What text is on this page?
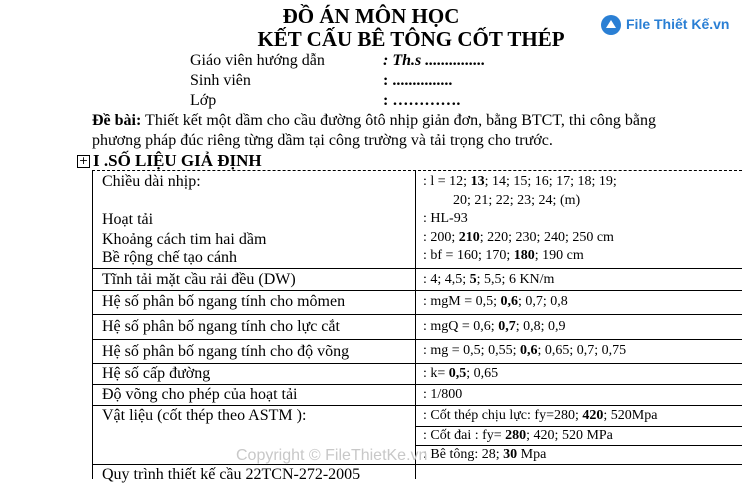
File Thiết Kế.vn
ĐỒ ÁN MÔN HỌC
KẾT CẤU BÊ TÔNG CỐT THÉP
Giáo viên hướng dẫn	: Th.s ...............
Sinh viên	: ...............
Lớp	: ………….
Đề bài: Thiết kết một dầm cho cầu đường ôtô nhịp giản đơn, bằng BTCT, thi công bằng
phương pháp đúc riêng từng dầm tại công trường và tải trọng cho trước.
+ I .SỐ LIỆU GIẢ ĐỊNH
Chiều dài nhịp:	: l = 12; 13; 14; 15; 16; 17; 18; 19;
20; 21; 22; 23; 24; (m)
Hoạt tải	: HL-93
Khoảng cách tim hai dầm	: 200; 210; 220; 230; 240; 250 cm
Bề rộng chế tạo cánh	: bf = 160; 170; 180; 190 cm
Tĩnh tải mặt cầu rải đều (DW)	: 4; 4,5; 5; 5,5; 6 KN/m
Hệ số phân bố ngang tính cho mômen	: mgM = 0,5; 0,6; 0,7; 0,8
Hệ số phân bố ngang tính cho lực cắt	: mgQ = 0,6; 0,7; 0,8; 0,9
Hệ số phân bố ngang tính cho độ võng	: mg = 0,5; 0,55; 0,6; 0,65; 0,7; 0,75
Hệ số cấp đường	: k= 0,5; 0,65
Độ võng cho phép của hoạt tải	: 1/800
Vật liệu (cốt thép theo ASTM ):	: Cốt thép chịu lực: fy=280; 420; 520Mpa
: Cốt đai : fy= 280; 420; 520 MPa
: Bê tông: 28; 30 Mpa
Quy trình thiết kế cầu 22TCN-272-2005
Copyright © FileThietKe.vn
